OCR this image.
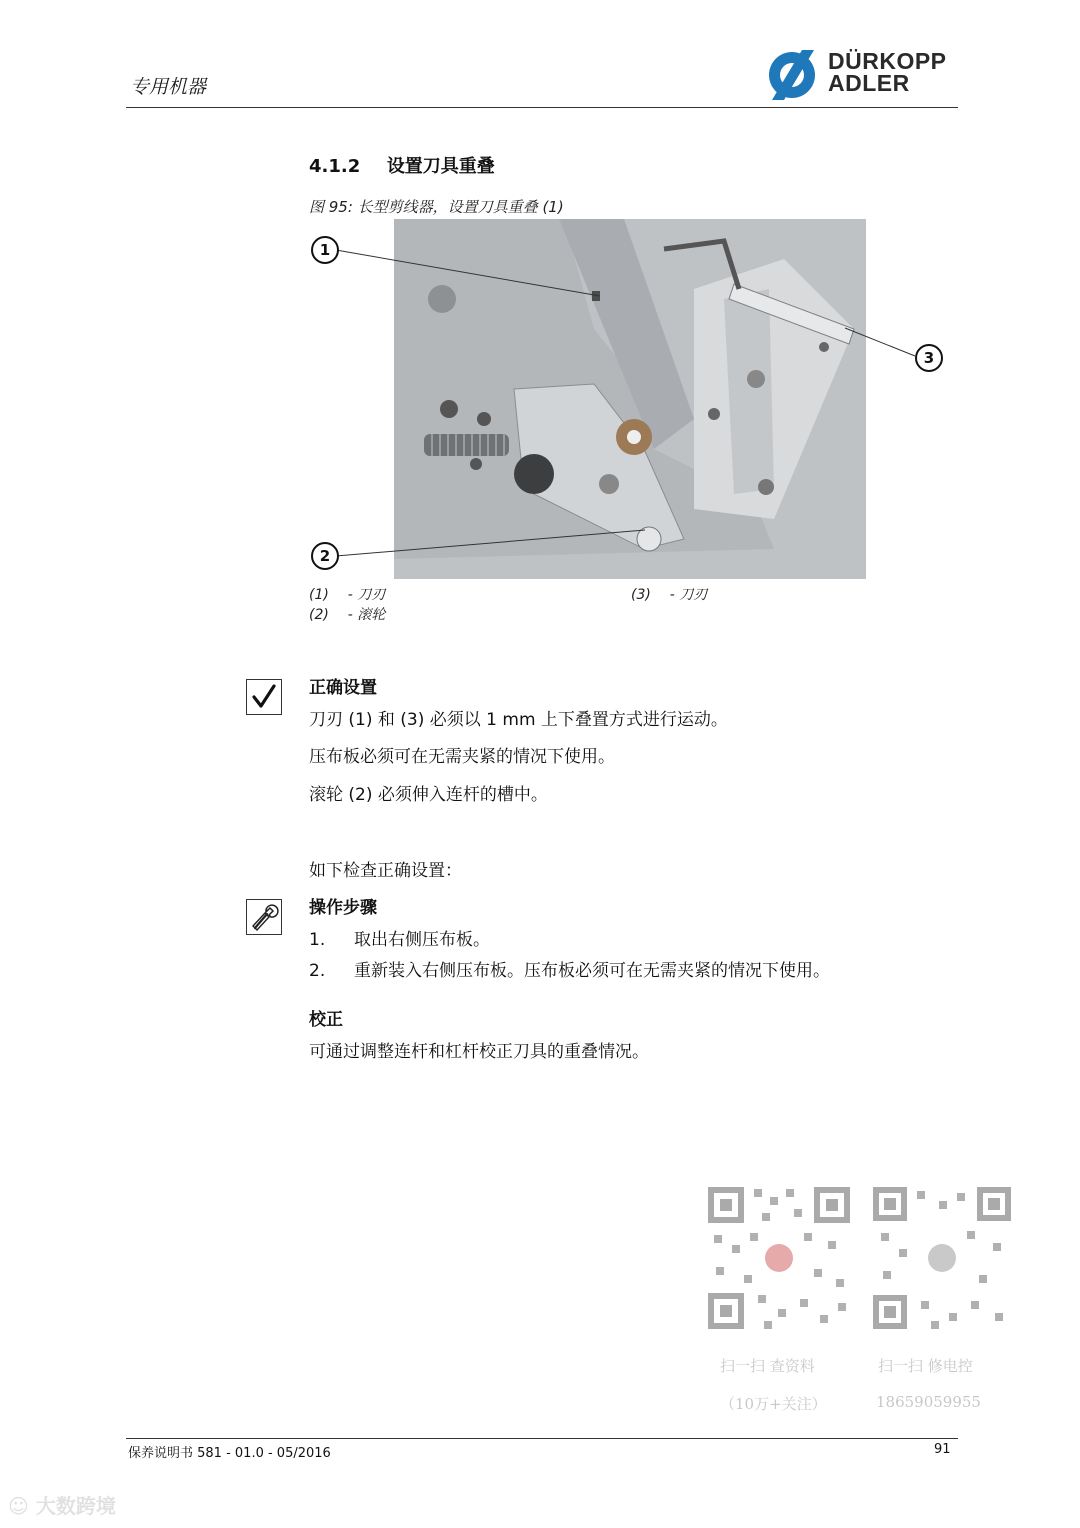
专用机器
DÜRKOPP
ADLER
4.1.2 设置刀具重叠
图 95: 长型剪线器，设置刀具重叠 (1)
1
2
3
(1) - 刀刃
(2) - 滚轮
(3) - 刀刃
正确设置
刀刃 (1) 和 (3) 必须以 1 mm 上下叠置方式进行运动。
压布板必须可在无需夹紧的情况下使用。
滚轮 (2) 必须伸入连杆的槽中。
如下检查正确设置：
操作步骤
1. 取出右侧压布板。
2. 重新装入右侧压布板。压布板必须可在无需夹紧的情况下使用。
校正
可通过调整连杆和杠杆校正刀具的重叠情况。
扫一扫 查资料
（10万+关注）
扫一扫 修电控
18659059955
保养说明书 581 - 01.0 - 05/2016	91
☺ 大数跨境
